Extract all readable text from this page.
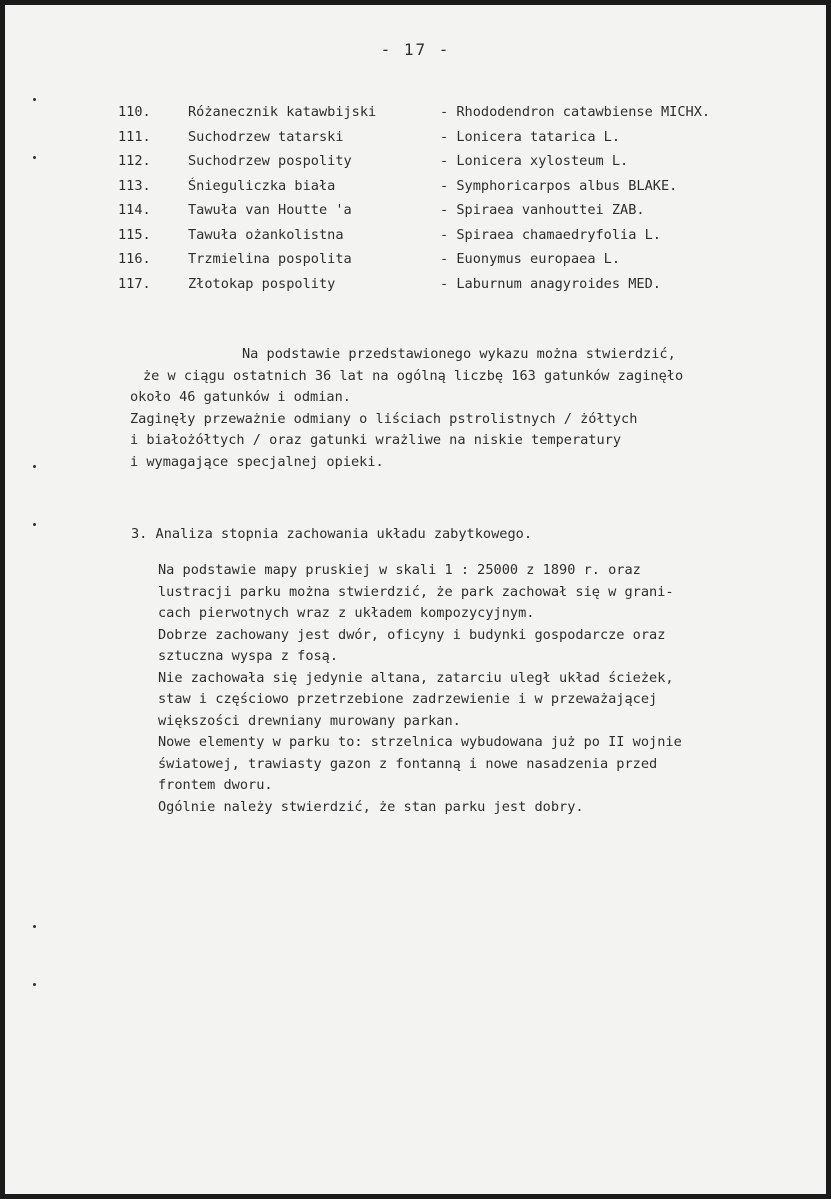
- 17 -
110.	Różanecznik katawbijski	- Rhododendron catawbiense MICHX.
111.	Suchodrzew tatarski	- Lonicera tatarica L.
112.	Suchodrzew pospolity	- Lonicera xylosteum L.
113.	Śnieguliczka biała	- Symphoricarpos albus BLAKE.
114.	Tawuła van Houtte 'a	- Spiraea vanhouttei ZAB.
115.	Tawuła ożankolistna	- Spiraea chamaedryfolia L.
116.	Trzmielina pospolita	- Euonymus europaea L.
117.	Złotokap pospolity	- Laburnum anagyroides MED.
Na podstawie przedstawionego wykazu można stwierdzić,
że w ciągu ostatnich 36 lat na ogólną liczbę 163 gatunków zaginęło
około 46 gatunków i odmian.
Zaginęły przeważnie odmiany o liściach pstrolistnych / żółtych
i białożółtych / oraz gatunki wrażliwe na niskie temperatury
i wymagające specjalnej opieki.
3. Analiza stopnia zachowania układu zabytkowego.
Na podstawie mapy pruskiej w skali 1 : 25000 z 1890 r. oraz
lustracji parku można stwierdzić, że park zachował się w grani-
cach pierwotnych wraz z układem kompozycyjnym.
Dobrze zachowany jest dwór, oficyny i budynki gospodarcze oraz
sztuczna wyspa z fosą.
Nie zachowała się jedynie altana, zatarciu uległ układ ścieżek,
staw i częściowo przetrzebione zadrzewienie i w przeważającej
większości drewniany murowany parkan.
Nowe elementy w parku to: strzelnica wybudowana już po II wojnie
światowej, trawiasty gazon z fontanną i nowe nasadzenia przed
frontem dworu.
Ogólnie należy stwierdzić, że stan parku jest dobry.
